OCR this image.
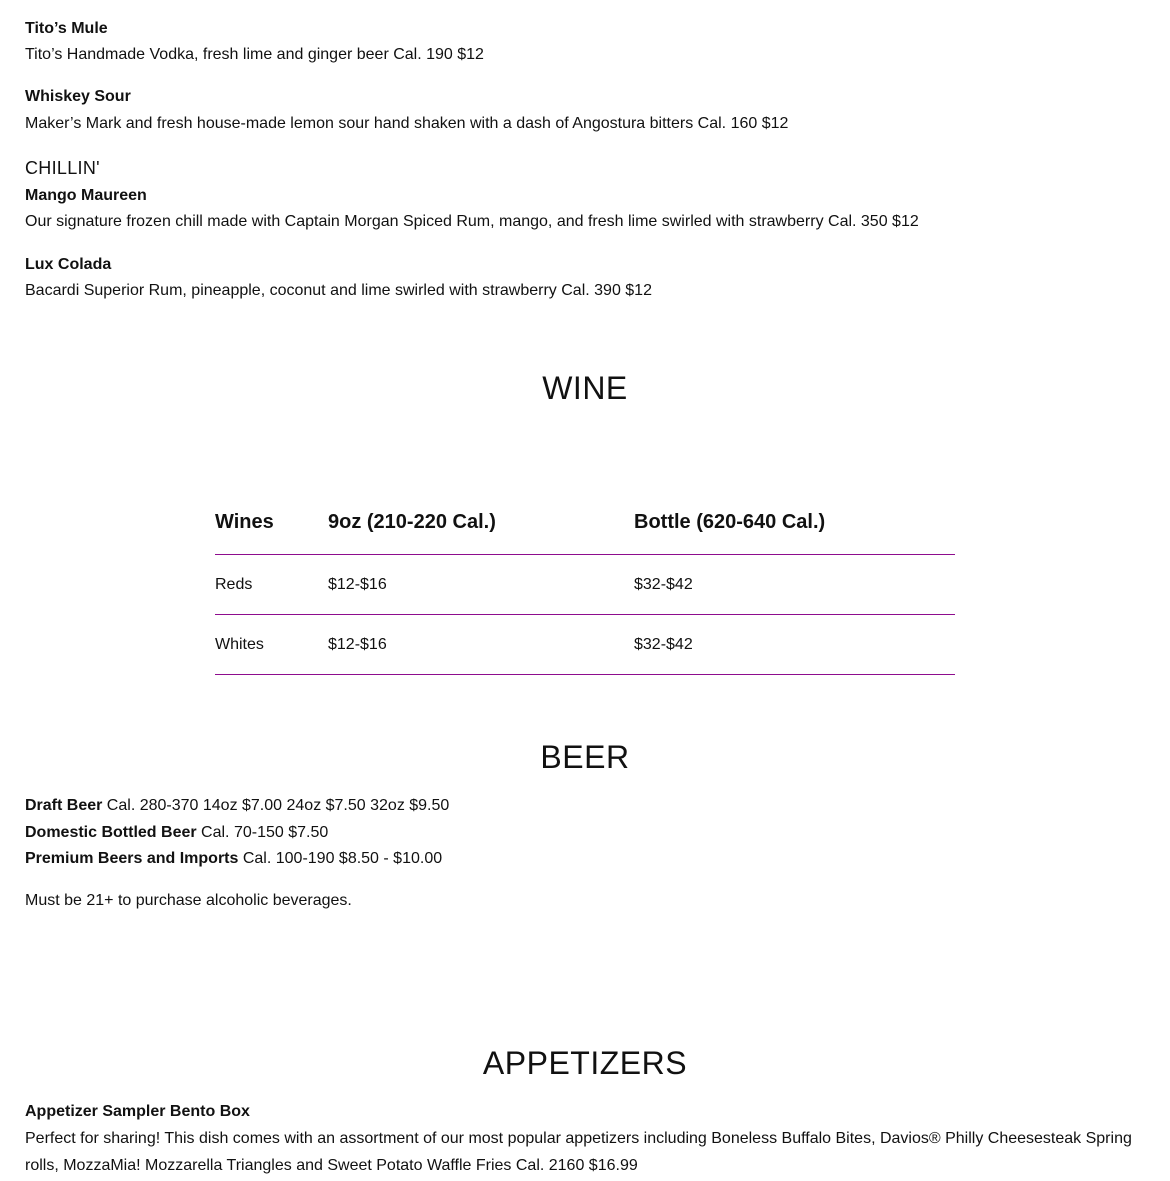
Tito’s Mule
Tito’s Handmade Vodka, fresh lime and ginger beer Cal. 190 $12
Whiskey Sour
Maker’s Mark and fresh house-made lemon sour hand shaken with a dash of Angostura bitters Cal. 160 $12
CHILLIN'
Mango Maureen
Our signature frozen chill made with Captain Morgan Spiced Rum, mango, and fresh lime swirled with strawberry Cal. 350 $12
Lux Colada
Bacardi Superior Rum, pineapple, coconut and lime swirled with strawberry Cal. 390 $12
WINE
Wines	9oz (210-220 Cal.)	Bottle (620-640 Cal.)
Reds	$12-$16	$32-$42
Whites	$12-$16	$32-$42
BEER
Draft Beer Cal. 280-370 14oz $7.00 24oz $7.50 32oz $9.50
Domestic Bottled Beer Cal. 70-150 $7.50
Premium Beers and Imports Cal. 100-190 $8.50 - $10.00
Must be 21+ to purchase alcoholic beverages.
APPETIZERS
Appetizer Sampler Bento Box
Perfect for sharing! This dish comes with an assortment of our most popular appetizers including Boneless Buffalo Bites, Davios® Philly Cheesesteak Spring rolls, MozzaMia! Mozzarella Triangles and Sweet Potato Waffle Fries Cal. 2160 $16.99
